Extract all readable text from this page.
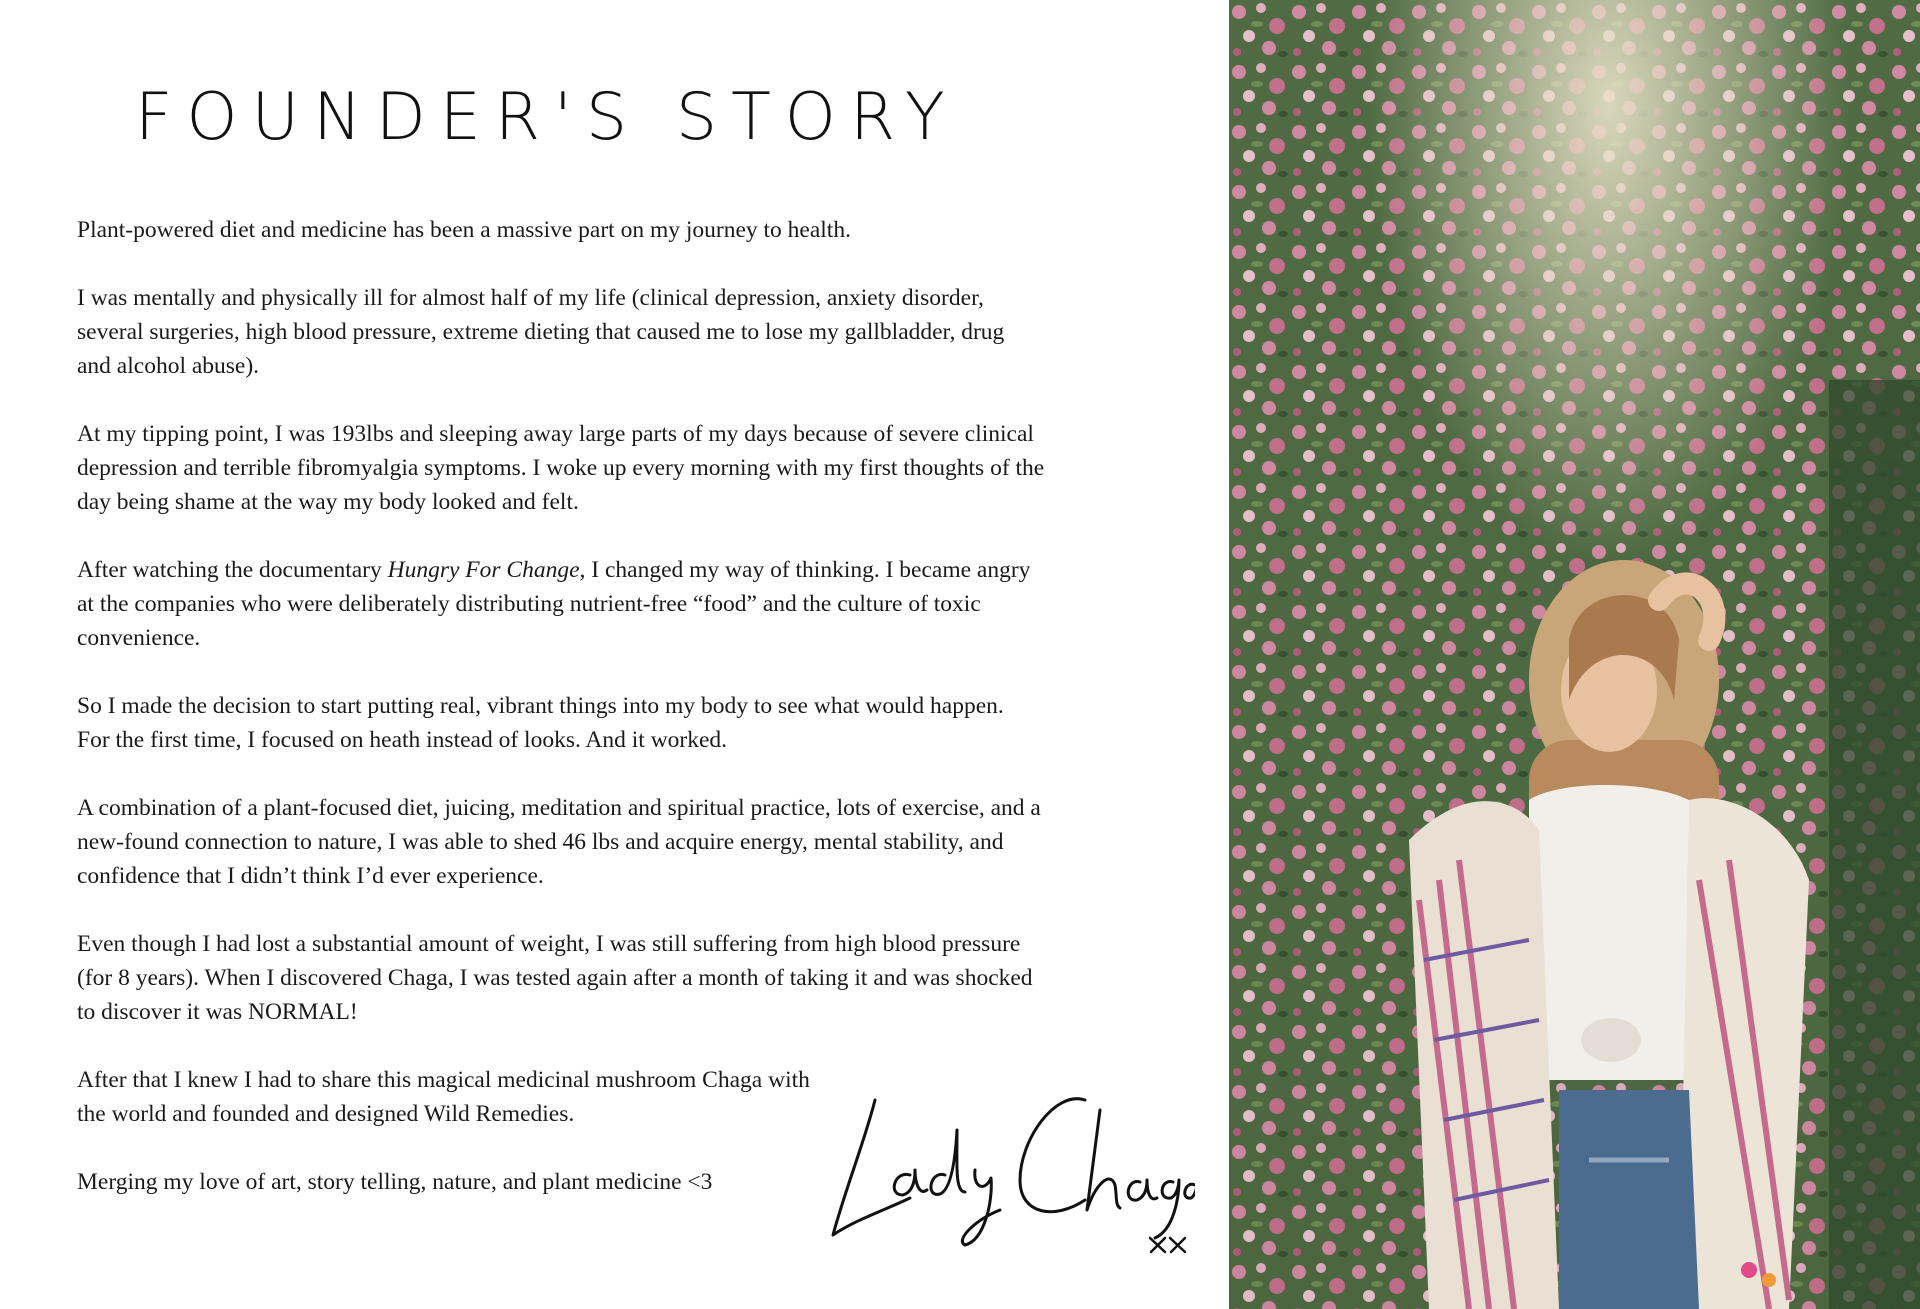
FOUNDER'S STORY

Plant-powered diet and medicine has been a massive part on my journey to health.

I was mentally and physically ill for almost half of my life (clinical depression, anxiety disorder, several surgeries, high blood pressure, extreme dieting that caused me to lose my gallbladder, drug and alcohol abuse).

At my tipping point, I was 193lbs and sleeping away large parts of my days because of severe clinical depression and terrible fibromyalgia symptoms. I woke up every morning with my first thoughts of the day being shame at the way my body looked and felt.

After watching the documentary Hungry For Change, I changed my way of thinking. I became angry at the companies who were deliberately distributing nutrient-free “food” and the culture of toxic convenience.

So I made the decision to start putting real, vibrant things into my body to see what would happen. For the first time, I focused on heath instead of looks. And it worked.

A combination of a plant-focused diet, juicing, meditation and spiritual practice, lots of exercise, and a new-found connection to nature, I was able to shed 46 lbs and acquire energy, mental stability, and confidence that I didn’t think I’d ever experience.

Even though I had lost a substantial amount of weight, I was still suffering from high blood pressure (for 8 years). When I discovered Chaga, I was tested again after a month of taking it and was shocked to discover it was NORMAL!

After that I knew I had to share this magical medicinal mushroom Chaga with the world and founded and designed Wild Remedies.

Merging my love of art, story telling, nature, and plant medicine <3
